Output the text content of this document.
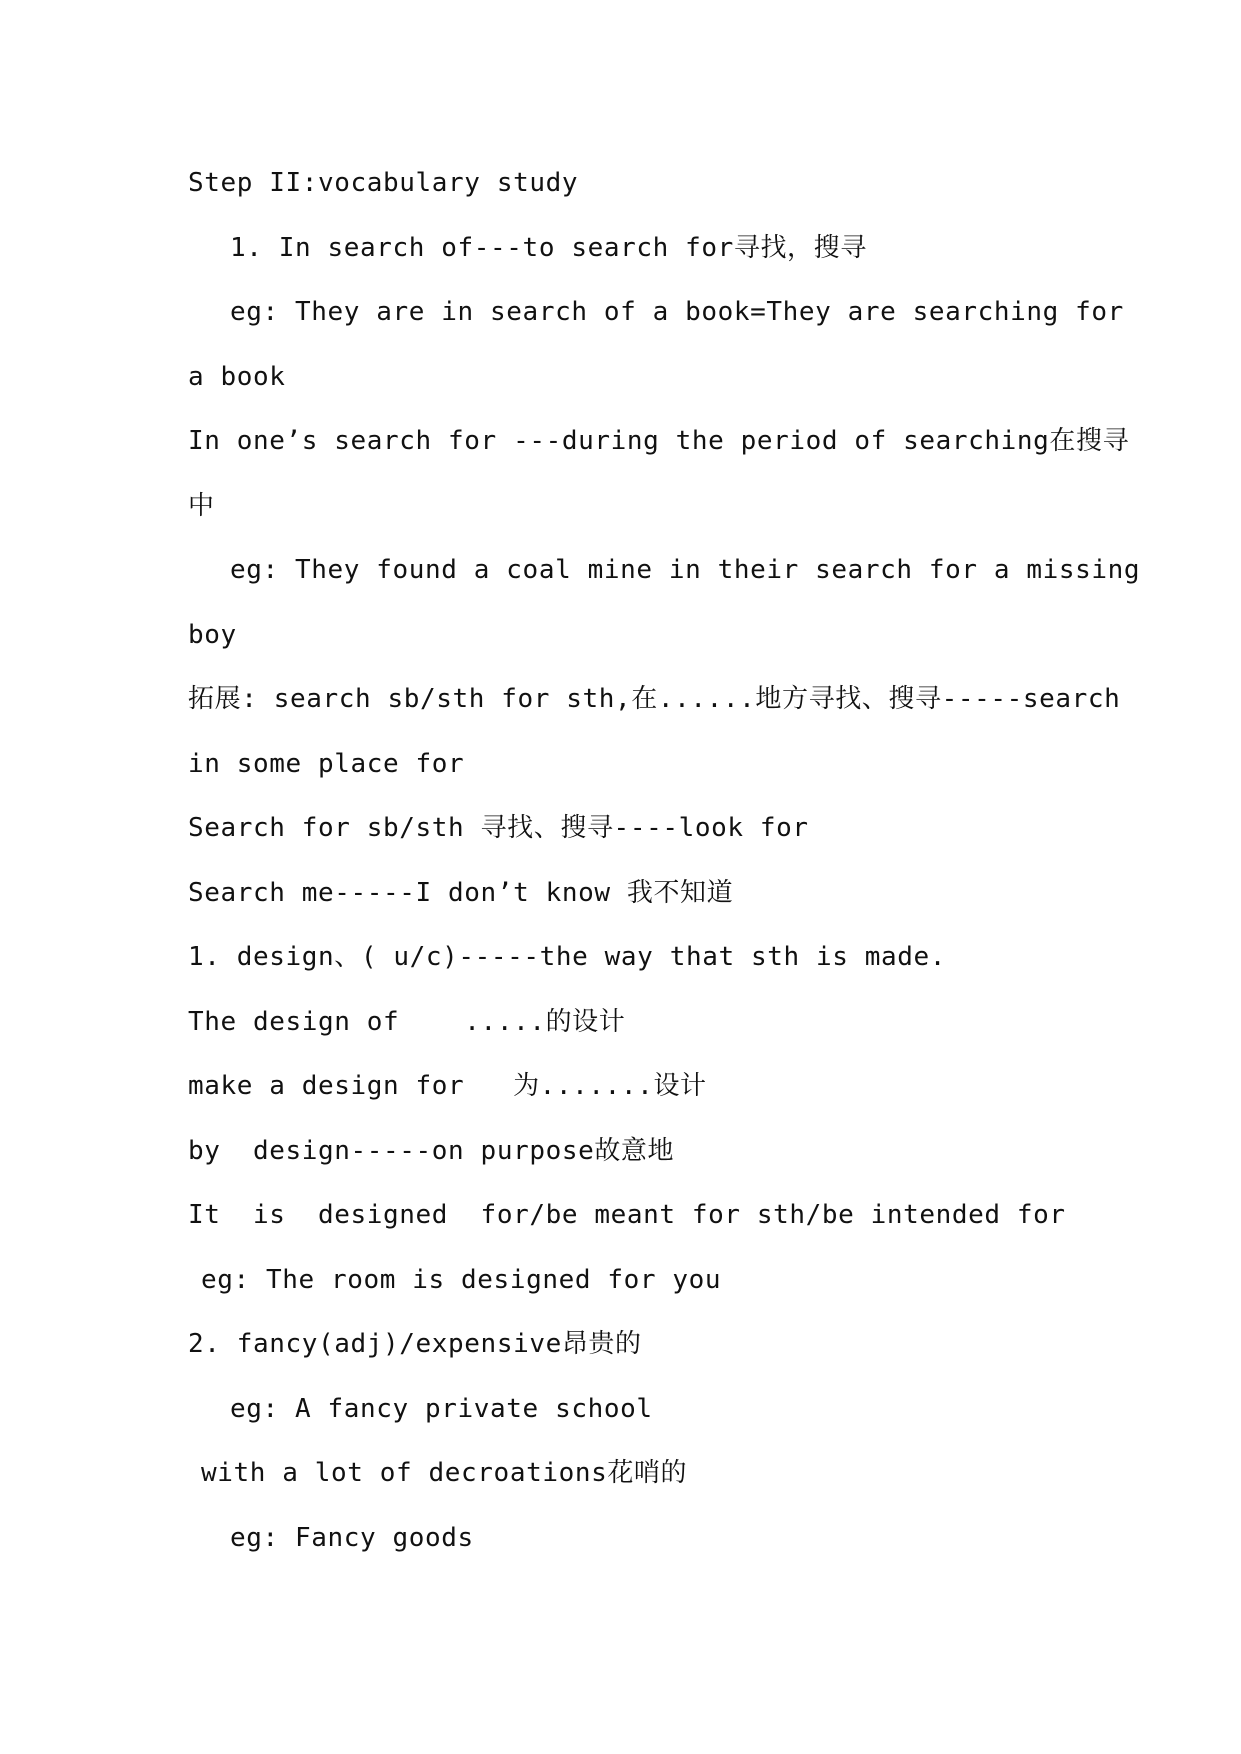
Step II:vocabulary study
1. In search of---to search for寻找，搜寻
eg: They are in search of a book=They are searching for
a book
In one’s search for ---during the period of searching在搜寻
中
eg: They found a coal mine in their search for a missing
boy
拓展: search sb/sth for sth,在......地方寻找、搜寻-----search
in some place for
Search for sb/sth 寻找、搜寻----look for
Search me-----I don’t know 我不知道
1. design、( u/c)-----the way that sth is made.
The design of    .....的设计
make a design for   为.......设计
by  design-----on purpose故意地
It  is  designed  for/be meant for sth/be intended for
eg: The room is designed for you
2. fancy(adj)/expensive昂贵的
eg: A fancy private school
with a lot of decroations花哨的
eg: Fancy goods
